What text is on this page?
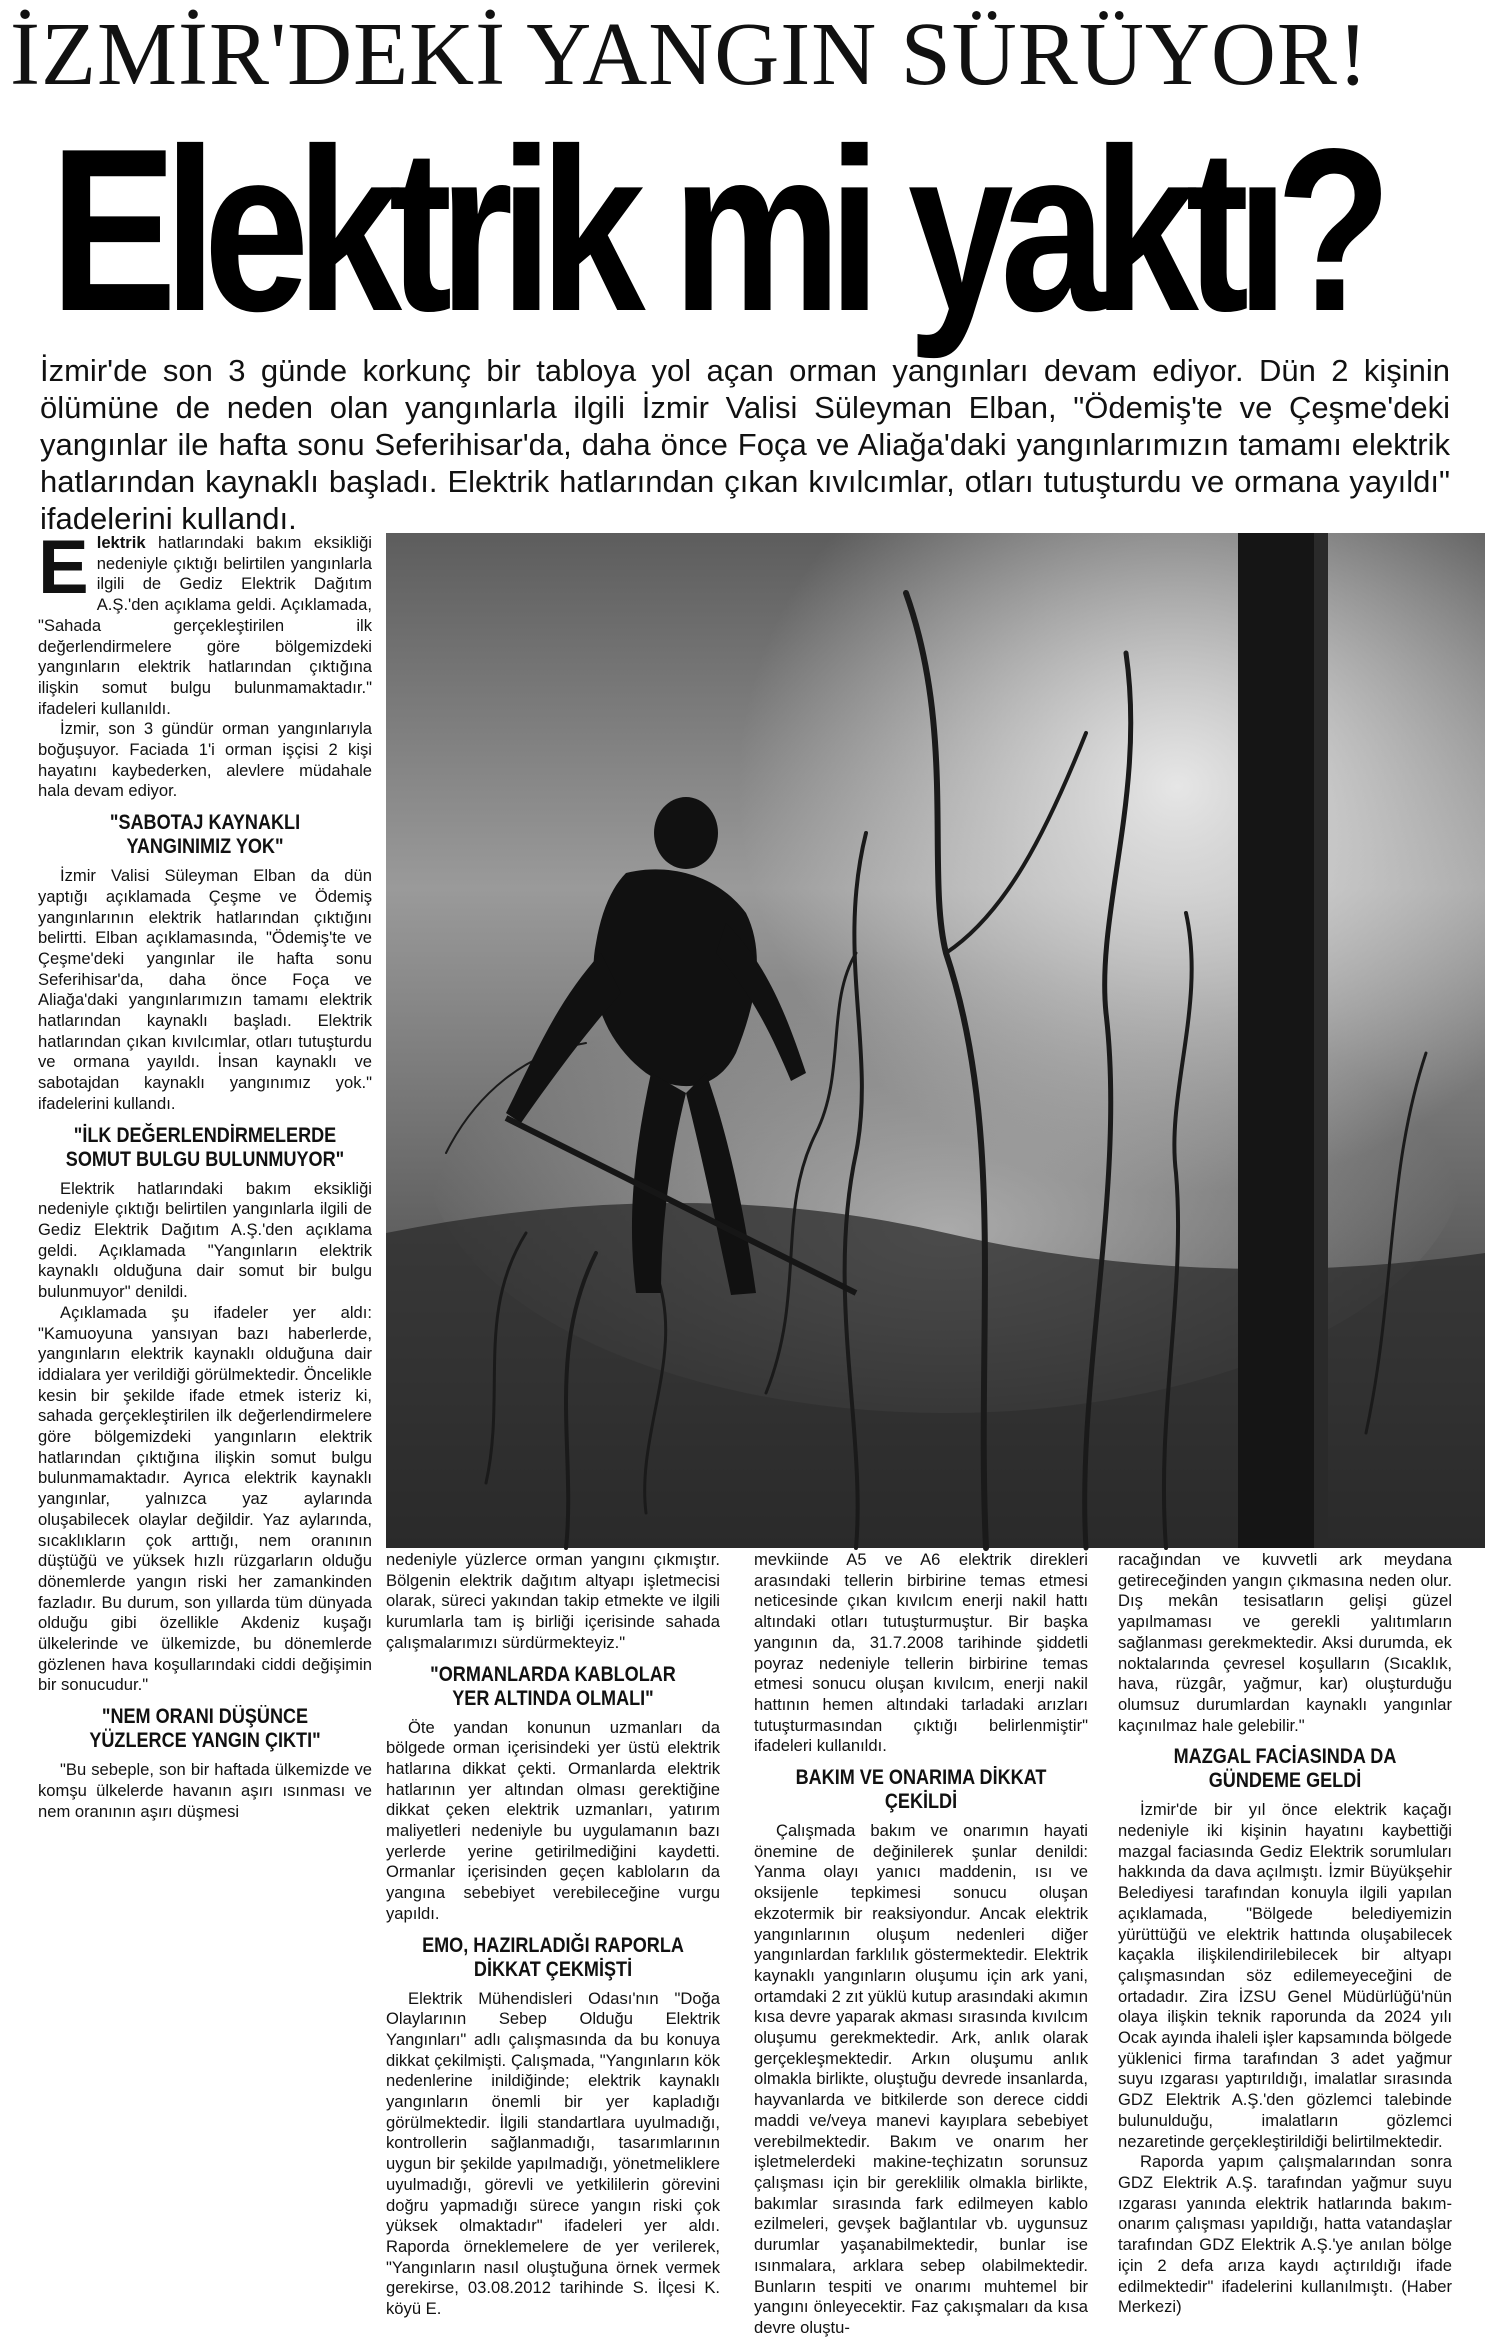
İZMİR'DEKİ YANGIN SÜRÜYOR!
Elektrik mi yaktı?

İzmir'de son 3 günde korkunç bir tabloya yol açan orman yangınları devam ediyor. Dün 2 kişinin ölümüne de neden olan yangınlarla ilgili İzmir Valisi Süleyman Elban, "Ödemiş'te ve Çeşme'deki yangınlar ile hafta sonu Seferihisar'da, daha önce Foça ve Aliağa'daki yangınlarımızın tamamı elektrik hatlarından kaynaklı başladı. Elektrik hatlarından çıkan kıvılcımlar, otları tutuşturdu ve ormana yayıldı" ifadelerini kullandı.

Elektrik hatlarındaki bakım eksikliği nedeniyle çıktığı belirtilen yangınlarla ilgili de Gediz Elektrik Dağıtım A.Ş.'den açıklama geldi. Açıklamada, "Sahada gerçekleştirilen ilk değerlendirmelere göre bölgemizdeki yangınların elektrik hatlarından çıktığına ilişkin somut bulgu bulunmamaktadır." ifadeleri kullanıldı.

İzmir, son 3 gündür orman yangınlarıyla boğuşuyor. Faciada 1'i orman işçisi 2 kişi hayatını kaybederken, alevlere müdahale hala devam ediyor.

"SABOTAJ KAYNAKLI YANGINIMIZ YOK"

İzmir Valisi Süleyman Elban da dün yaptığı açıklamada Çeşme ve Ödemiş yangınlarının elektrik hatlarından çıktığını belirtti. Elban açıklamasında, "Ödemiş'te ve Çeşme'deki yangınlar ile hafta sonu Seferihisar'da, daha önce Foça ve Aliağa'daki yangınlarımızın tamamı elektrik hatlarından kaynaklı başladı. Elektrik hatlarından çıkan kıvılcımlar, otları tutuşturdu ve ormana yayıldı. İnsan kaynaklı ve sabotajdan kaynaklı yangınımız yok." ifadelerini kullandı.

"İLK DEĞERLENDİRMELERDE SOMUT BULGU BULUNMUYOR"

Elektrik hatlarındaki bakım eksikliği nedeniyle çıktığı belirtilen yangınlarla ilgili de Gediz Elektrik Dağıtım A.Ş.'den açıklama geldi. Açıklamada "Yangınların elektrik kaynaklı olduğuna dair somut bir bulgu bulunmuyor" denildi.

Açıklamada şu ifadeler yer aldı: "Kamuoyuna yansıyan bazı haberlerde, yangınların elektrik kaynaklı olduğuna dair iddialara yer verildiği görülmektedir. Öncelikle kesin bir şekilde ifade etmek isteriz ki, sahada gerçekleştirilen ilk değerlendirmelere göre bölgemizdeki yangınların elektrik hatlarından çıktığına ilişkin somut bulgu bulunmamaktadır. Ayrıca elektrik kaynaklı yangınlar, yalnızca yaz aylarında oluşabilecek olaylar değildir. Yaz aylarında, sıcaklıkların çok arttığı, nem oranının düştüğü ve yüksek hızlı rüzgarların olduğu dönemlerde yangın riski her zamankinden fazladır. Bu durum, son yıllarda tüm dünyada olduğu gibi özellikle Akdeniz kuşağı ülkelerinde ve ülkemizde, bu dönemlerde gözlenen hava koşullarındaki ciddi değişimin bir sonucudur."

"NEM ORANI DÜŞÜNCE YÜZLERCE YANGIN ÇIKTI"

"Bu sebeple, son bir haftada ülkemizde ve komşu ülkelerde havanın aşırı ısınması ve nem oranının aşırı düşmesi

nedeniyle yüzlerce orman yangını çıkmıştır. Bölgenin elektrik dağıtım altyapı işletmecisi olarak, süreci yakından takip etmekte ve ilgili kurumlarla tam iş birliği içerisinde sahada çalışmalarımızı sürdürmekteyiz."

"ORMANLARDA KABLOLAR YER ALTINDA OLMALI"

Öte yandan konunun uzmanları da bölgede orman içerisindeki yer üstü elektrik hatlarına dikkat çekti. Ormanlarda elektrik hatlarının yer altından olması gerektiğine dikkat çeken elektrik uzmanları, yatırım maliyetleri nedeniyle bu uygulamanın bazı yerlerde yerine getirilmediğini kaydetti. Ormanlar içerisinden geçen kabloların da yangına sebebiyet verebileceğine vurgu yapıldı.

EMO, HAZIRLADIĞI RAPORLA DİKKAT ÇEKMİŞTİ

Elektrik Mühendisleri Odası'nın "Doğa Olaylarının Sebep Olduğu Elektrik Yangınları" adlı çalışmasında da bu konuya dikkat çekilmişti. Çalışmada, "Yangınların kök nedenlerine inildiğinde; elektrik kaynaklı yangınların önemli bir yer kapladığı görülmektedir. İlgili standartlara uyulmadığı, kontrollerin sağlanmadığı, tasarımlarının uygun bir şekilde yapılmadığı, yönetmeliklere uyulmadığı, görevli ve yetkililerin görevini doğru yapmadığı sürece yangın riski çok yüksek olmaktadır" ifadeleri yer aldı. Raporda örneklemelere de yer verilerek, "Yangınların nasıl oluştuğuna örnek vermek gerekirse, 03.08.2012 tarihinde S. İlçesi K. köyü E.

mevkiinde A5 ve A6 elektrik direkleri arasındaki tellerin birbirine temas etmesi neticesinde çıkan kıvılcım enerji nakil hattı altındaki otları tutuşturmuştur. Bir başka yangının da, 31.7.2008 tarihinde şiddetli poyraz nedeniyle tellerin birbirine temas etmesi sonucu oluşan kıvılcım, enerji nakil hattının hemen altındaki tarladaki arızları tutuşturmasından çıktığı belirlenmiştir" ifadeleri kullanıldı.

BAKIM VE ONARIMA DİKKAT ÇEKİLDİ

Çalışmada bakım ve onarımın hayati önemine de değinilerek şunlar denildi: Yanma olayı yanıcı maddenin, ısı ve oksijenle tepkimesi sonucu oluşan ekzotermik bir reaksiyondur. Ancak elektrik yangınlarının oluşum nedenleri diğer yangınlardan farklılık göstermektedir. Elektrik kaynaklı yangınların oluşumu için ark yani, ortamdaki 2 zıt yüklü kutup arasındaki akımın kısa devre yaparak akması sırasında kıvılcım oluşumu gerekmektedir. Ark, anlık olarak gerçekleşmektedir. Arkın oluşumu anlık olmakla birlikte, oluştuğu devrede insanlarda, hayvanlarda ve bitkilerde son derece ciddi maddi ve/veya manevi kayıplara sebebiyet verebilmektedir. Bakım ve onarım her işletmelerdeki makine-teçhizatın sorunsuz çalışması için bir gereklilik olmakla birlikte, bakımlar sırasında fark edilmeyen kablo ezilmeleri, gevşek bağlantılar vb. uygunsuz durumlar yaşanabilmektedir, bunlar ise ısınmalara, arklara sebep olabilmektedir. Bunların tespiti ve onarımı muhtemel bir yangını önleyecektir. Faz çakışmaları da kısa devre oluştu-

racağından ve kuvvetli ark meydana getireceğinden yangın çıkmasına neden olur. Dış mekân tesisatların gelişi güzel yapılmaması ve gerekli yalıtımların sağlanması gerekmektedir. Aksi durumda, ek noktalarında çevresel koşulların (Sıcaklık, hava, rüzgâr, yağmur, kar) oluşturduğu olumsuz durumlardan kaynaklı yangınlar kaçınılmaz hale gelebilir."

MAZGAL FACİASINDA DA GÜNDEME GELDİ

İzmir'de bir yıl önce elektrik kaçağı nedeniyle iki kişinin hayatını kaybettiği mazgal faciasında Gediz Elektrik sorumluları hakkında da dava açılmıştı. İzmir Büyükşehir Belediyesi tarafından konuyla ilgili yapılan açıklamada, "Bölgede belediyemizin yürüttüğü ve elektrik hattında oluşabilecek kaçakla ilişkilendirilebilecek bir altyapı çalışmasından söz edilemeyeceğini de ortadadır. Zira İZSU Genel Müdürlüğü'nün olaya ilişkin teknik raporunda da 2024 yılı Ocak ayında ihaleli işler kapsamında bölgede yüklenici firma tarafından 3 adet yağmur suyu ızgarası yaptırıldığı, imalatlar sırasında GDZ Elektrik A.Ş.'den gözlemci talebinde bulunulduğu, imalatların gözlemci nezaretinde gerçekleştirildiği belirtilmektedir.

Raporda yapım çalışmalarından sonra GDZ Elektrik A.Ş. tarafından yağmur suyu ızgarası yanında elektrik hatlarında bakım-onarım çalışması yapıldığı, hatta vatandaşlar tarafından GDZ Elektrik A.Ş.'ye anılan bölge için 2 defa arıza kaydı açtırıldığı ifade edilmektedir" ifadelerini kullanılmıştı. (Haber Merkezi)
